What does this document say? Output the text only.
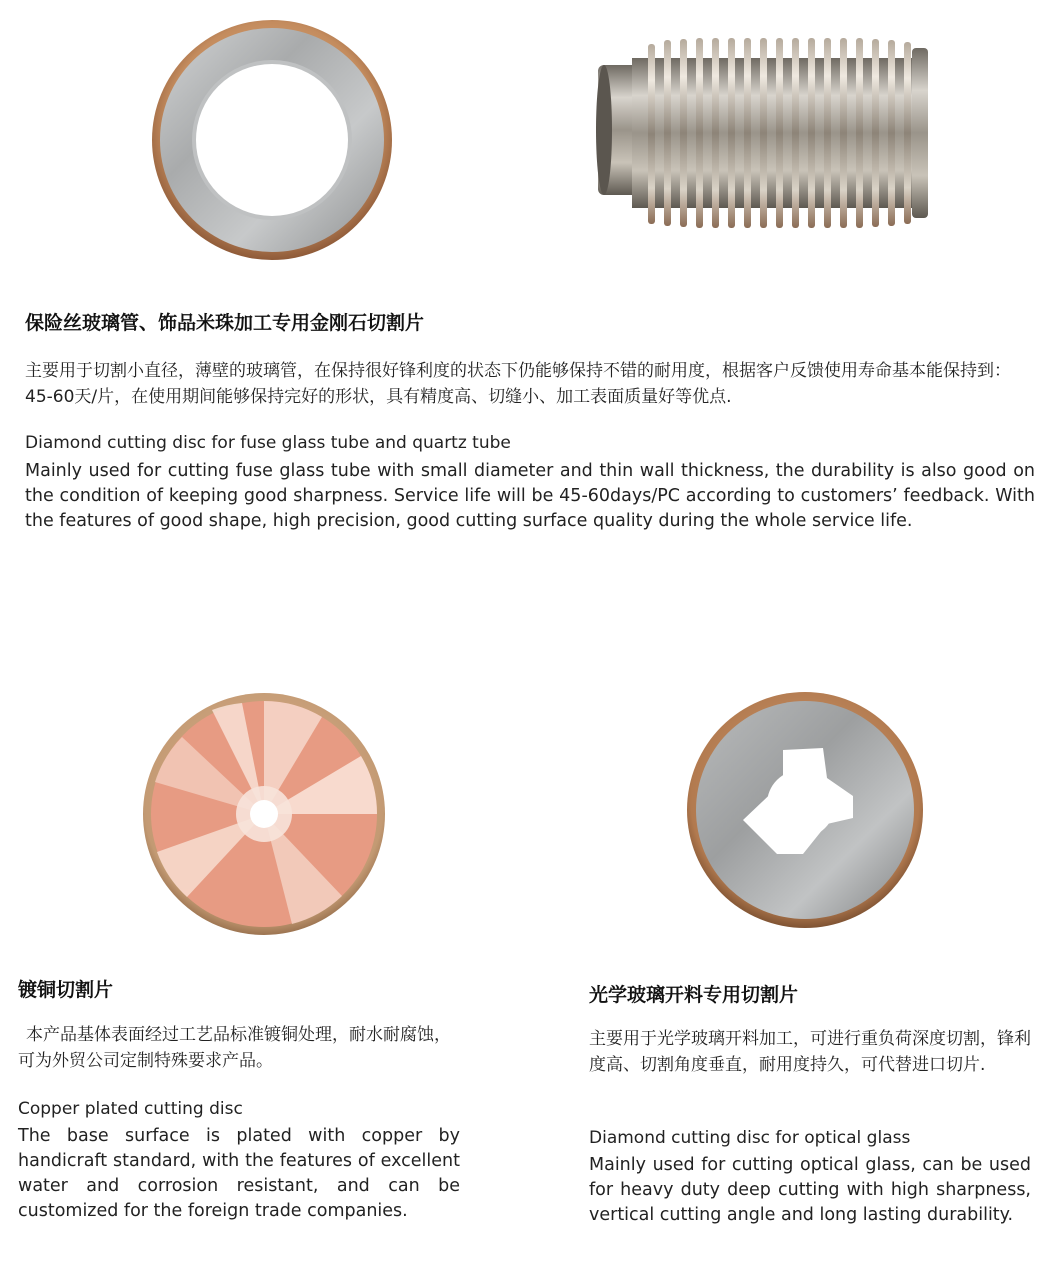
保险丝玻璃管、饰品米珠加工专用金刚石切割片
主要用于切割小直径，薄壁的玻璃管，在保持很好锋利度的状态下仍能够保持不错的耐用度，根据客户反馈使用寿命基本能保持到：45-60天/片，在使用期间能够保持完好的形状，具有精度高、切缝小、加工表面质量好等优点.
Diamond cutting disc for fuse glass tube and quartz tube
Mainly used for cutting fuse glass tube with small diameter and thin wall thickness, the durability is also good on the condition of keeping good sharpness. Service life will be 45-60days/PC according to customers’ feedback. With the features of good shape, high precision, good cutting surface quality during the whole service life.
镀铜切割片
本产品基体表面经过工艺品标准镀铜处理，耐水耐腐蚀，可为外贸公司定制特殊要求产品。
Copper plated cutting disc
The base surface is plated with copper by handicraft standard, with the features of excellent water and corrosion resistant, and can be customized for the foreign trade companies.
光学玻璃开料专用切割片
主要用于光学玻璃开料加工，可进行重负荷深度切割，锋利度高、切割角度垂直，耐用度持久，可代替进口切片.
Diamond cutting disc for optical glass
Mainly used for cutting optical glass, can be used for heavy duty deep cutting with high sharpness, vertical cutting angle and long lasting durability.
